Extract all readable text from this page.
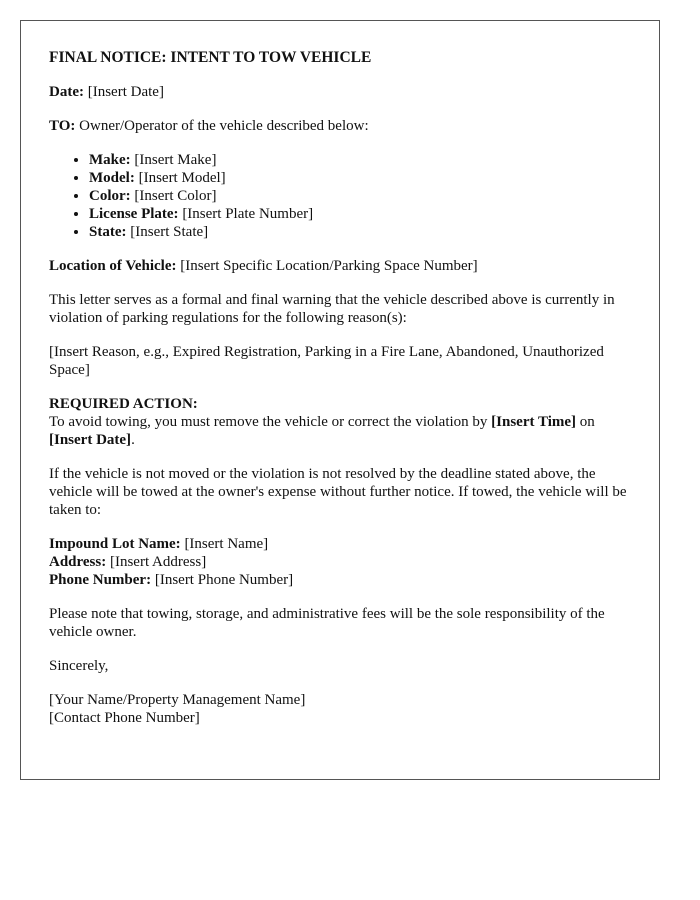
FINAL NOTICE: INTENT TO TOW VEHICLE

Date: [Insert Date]

TO: Owner/Operator of the vehicle described below:

• Make: [Insert Make]
• Model: [Insert Model]
• Color: [Insert Color]
• License Plate: [Insert Plate Number]
• State: [Insert State]

Location of Vehicle: [Insert Specific Location/Parking Space Number]

This letter serves as a formal and final warning that the vehicle described above is currently in violation of parking regulations for the following reason(s):

[Insert Reason, e.g., Expired Registration, Parking in a Fire Lane, Abandoned, Unauthorized Space]

REQUIRED ACTION:
To avoid towing, you must remove the vehicle or correct the violation by [Insert Time] on [Insert Date].

If the vehicle is not moved or the violation is not resolved by the deadline stated above, the vehicle will be towed at the owner's expense without further notice. If towed, the vehicle will be taken to:

Impound Lot Name: [Insert Name]
Address: [Insert Address]
Phone Number: [Insert Phone Number]

Please note that towing, storage, and administrative fees will be the sole responsibility of the vehicle owner.

Sincerely,

[Your Name/Property Management Name]
[Contact Phone Number]
